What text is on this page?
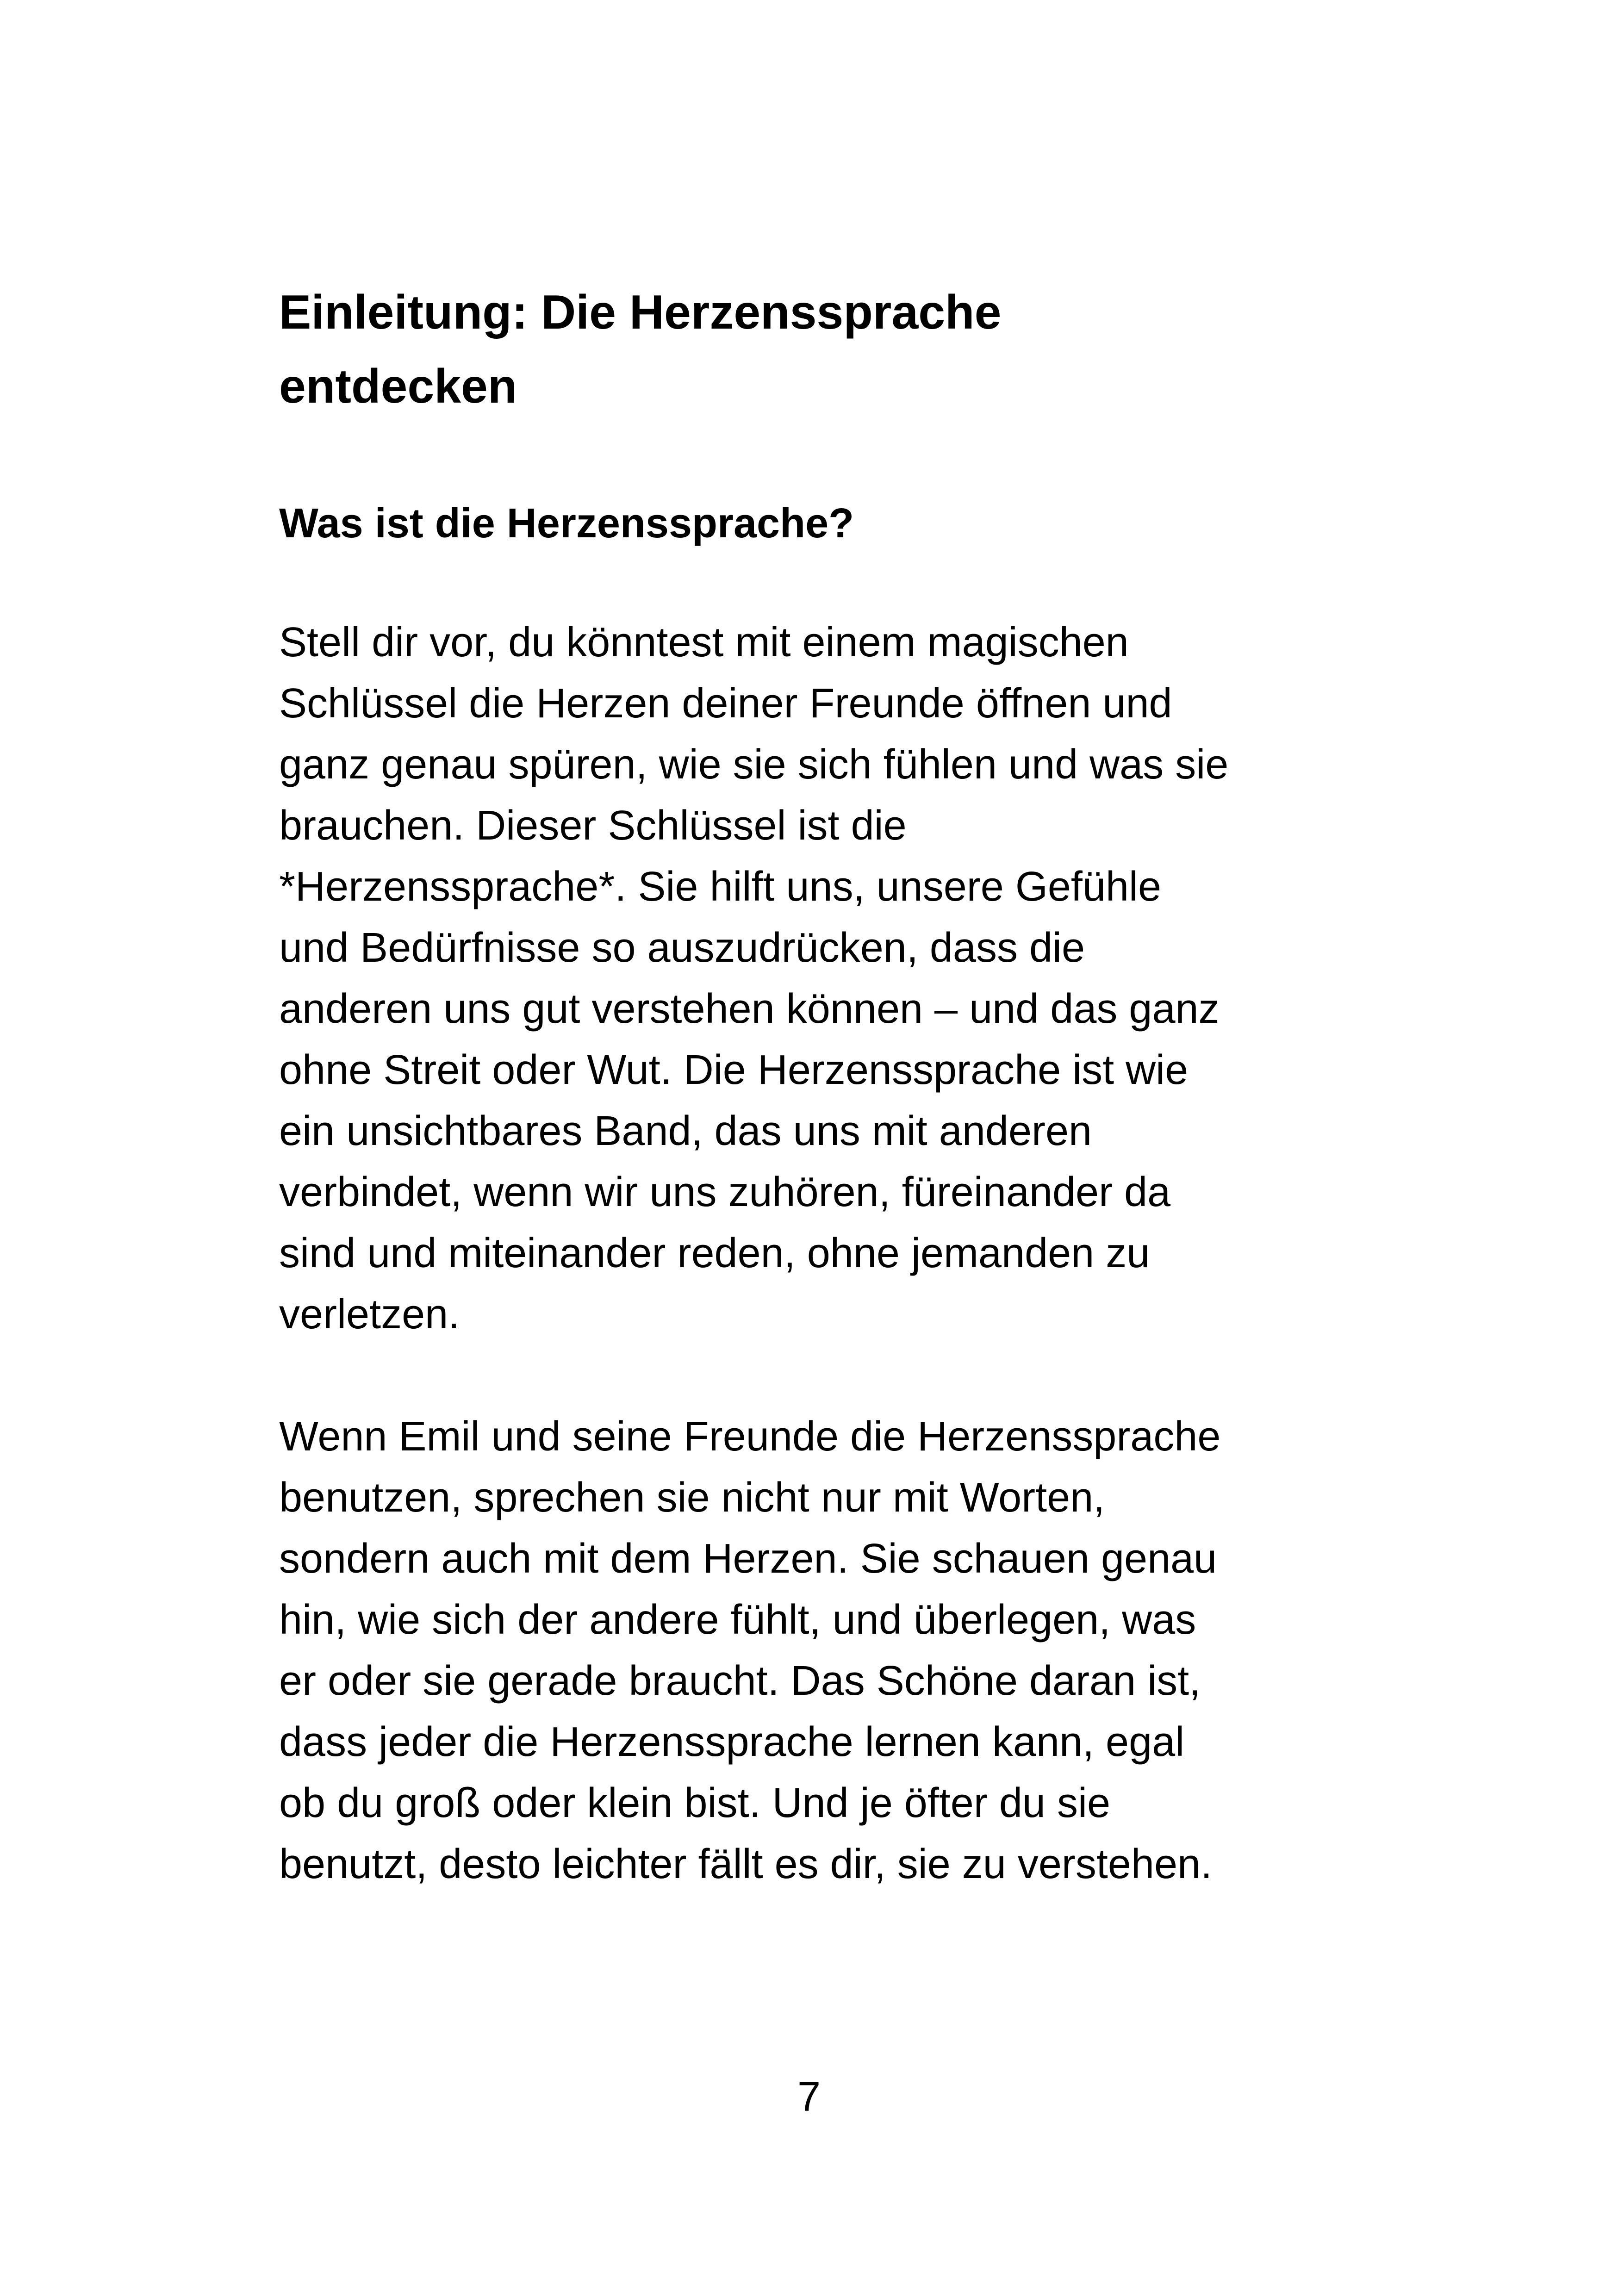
Einleitung: Die Herzenssprache
entdecken
Was ist die Herzenssprache?
Stell dir vor, du könntest mit einem magischen
Schlüssel die Herzen deiner Freunde öffnen und
ganz genau spüren, wie sie sich fühlen und was sie
brauchen. Dieser Schlüssel ist die
*Herzenssprache*. Sie hilft uns, unsere Gefühle
und Bedürfnisse so auszudrücken, dass die
anderen uns gut verstehen können – und das ganz
ohne Streit oder Wut. Die Herzenssprache ist wie
ein unsichtbares Band, das uns mit anderen
verbindet, wenn wir uns zuhören, füreinander da
sind und miteinander reden, ohne jemanden zu
verletzen.
Wenn Emil und seine Freunde die Herzenssprache
benutzen, sprechen sie nicht nur mit Worten,
sondern auch mit dem Herzen. Sie schauen genau
hin, wie sich der andere fühlt, und überlegen, was
er oder sie gerade braucht. Das Schöne daran ist,
dass jeder die Herzenssprache lernen kann, egal
ob du groß oder klein bist. Und je öfter du sie
benutzt, desto leichter fällt es dir, sie zu verstehen.
7
